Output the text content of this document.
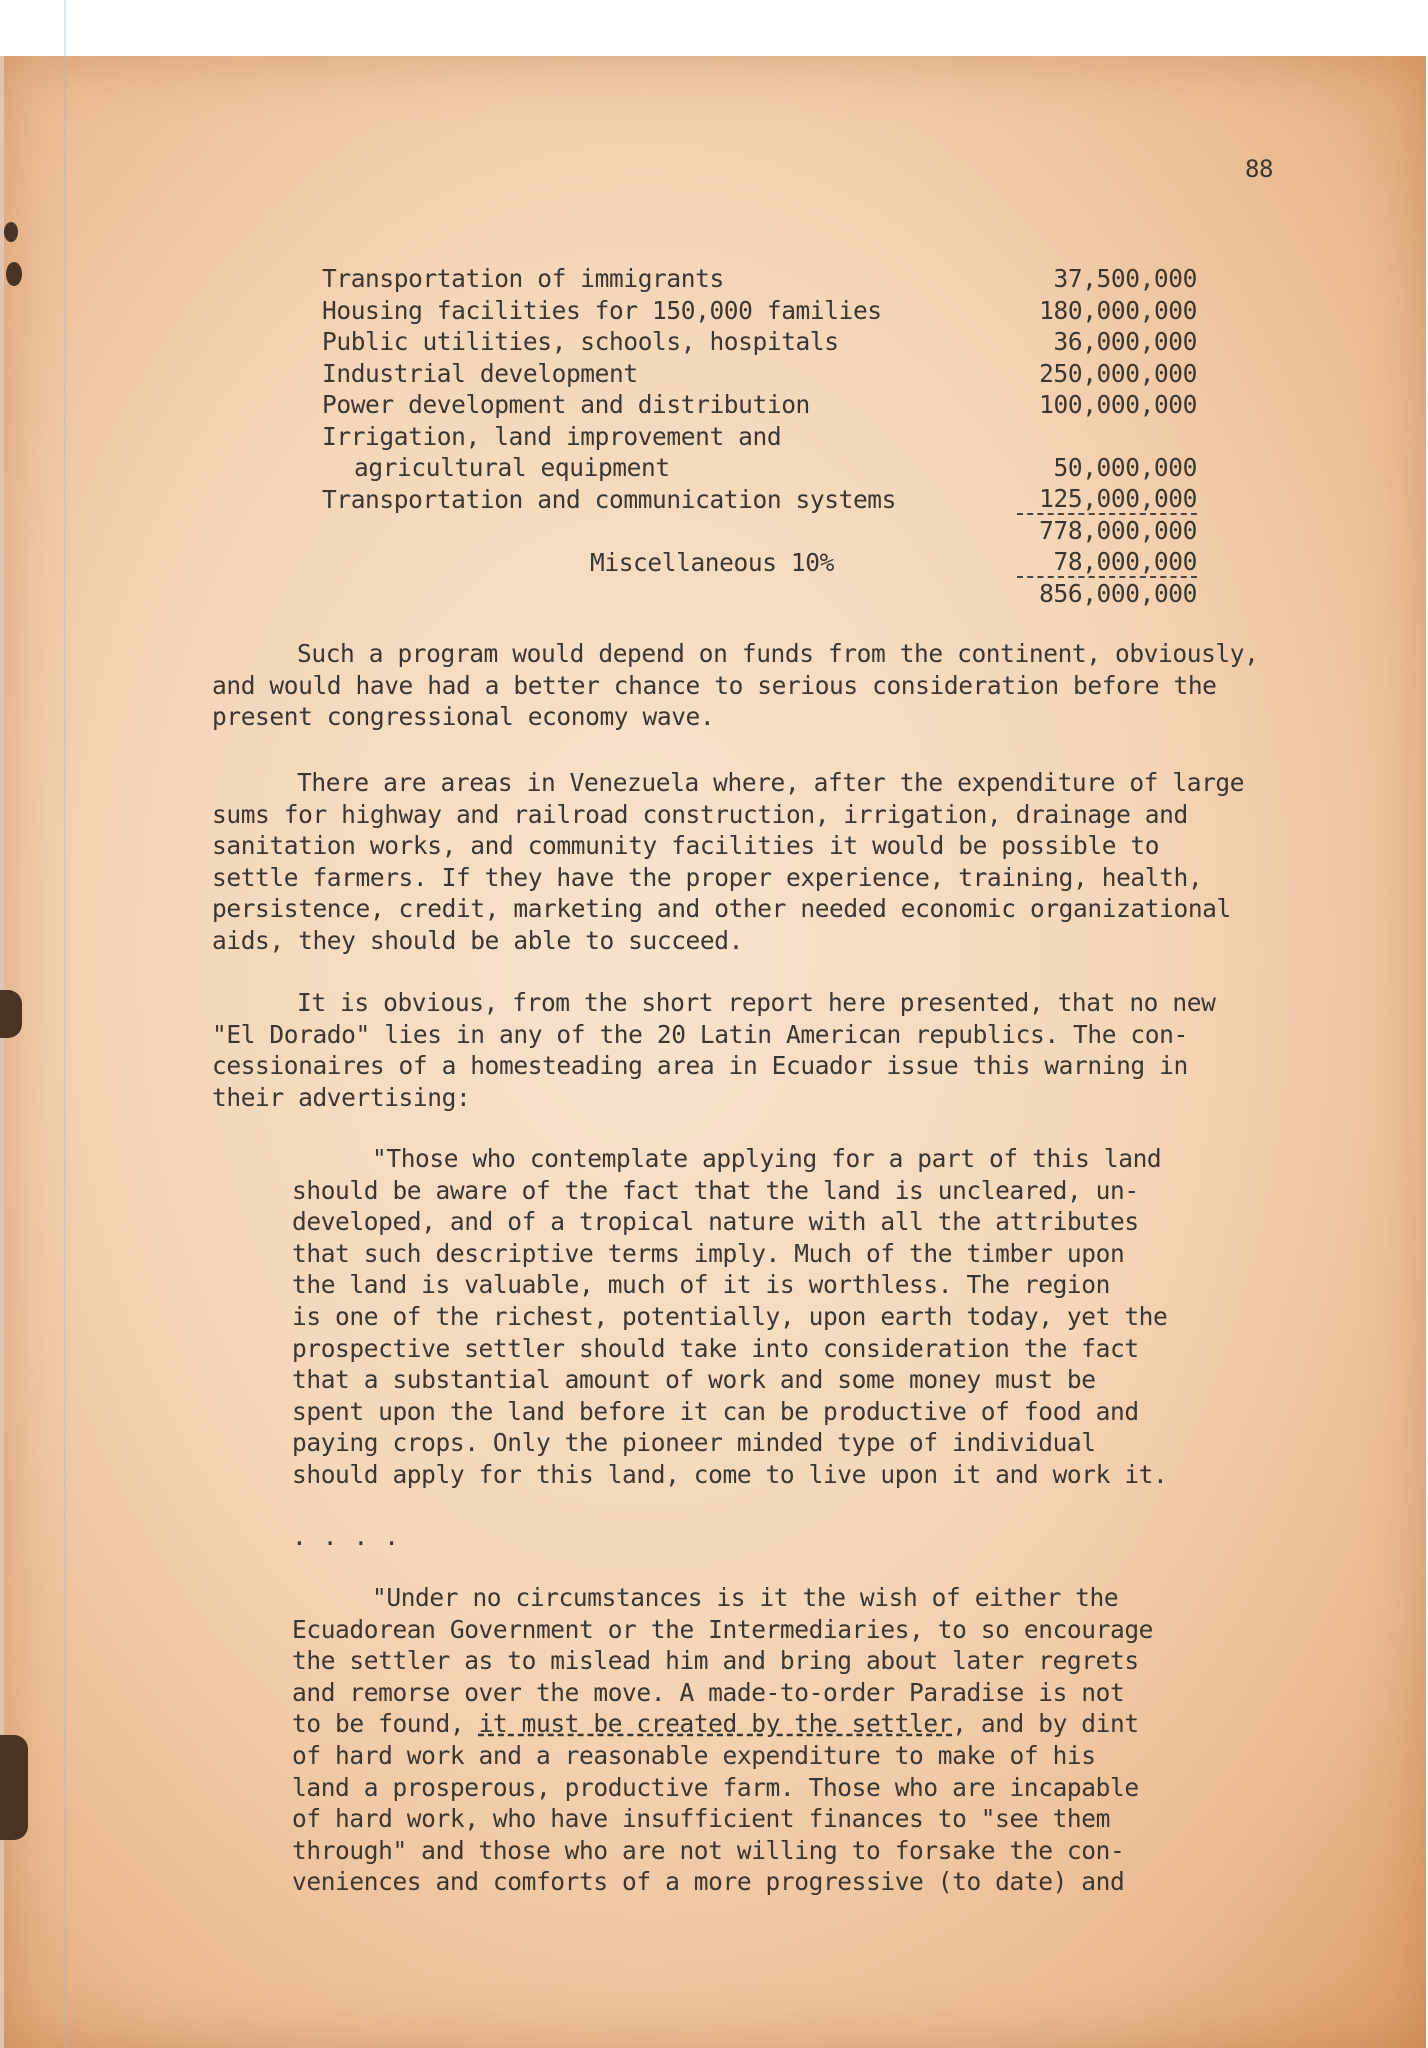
88
Transportation of immigrants	37,500,000
Housing facilities for 150,000 families	180,000,000
Public utilities, schools, hospitals	36,000,000
Industrial development	250,000,000
Power development and distribution	100,000,000
Irrigation, land improvement and
agricultural equipment	50,000,000
Transportation and communication systems	125,000,000
778,000,000
Miscellaneous 10%	78,000,000
856,000,000

Such a program would depend on funds from the continent, obviously,
and would have had a better chance to serious consideration before the
present congressional economy wave.

There are areas in Venezuela where, after the expenditure of large
sums for highway and railroad construction, irrigation, drainage and
sanitation works, and community facilities it would be possible to
settle farmers. If they have the proper experience, training, health,
persistence, credit, marketing and other needed economic organizational
aids, they should be able to succeed.

It is obvious, from the short report here presented, that no new
"El Dorado" lies in any of the 20 Latin American republics. The con-
cessionaires of a homesteading area in Ecuador issue this warning in
their advertising:

"Those who contemplate applying for a part of this land
should be aware of the fact that the land is uncleared, un-
developed, and of a tropical nature with all the attributes
that such descriptive terms imply. Much of the timber upon
the land is valuable, much of it is worthless. The region
is one of the richest, potentially, upon earth today, yet the
prospective settler should take into consideration the fact
that a substantial amount of work and some money must be
spent upon the land before it can be productive of food and
paying crops. Only the pioneer minded type of individual
should apply for this land, come to live upon it and work it.

....

"Under no circumstances is it the wish of either the
Ecuadorean Government or the Intermediaries, to so encourage
the settler as to mislead him and bring about later regrets
and remorse over the move. A made-to-order Paradise is not
to be found, it must be created by the settler, and by dint
of hard work and a reasonable expenditure to make of his
land a prosperous, productive farm. Those who are incapable
of hard work, who have insufficient finances to "see them
through" and those who are not willing to forsake the con-
veniences and comforts of a more progressive (to date) and
